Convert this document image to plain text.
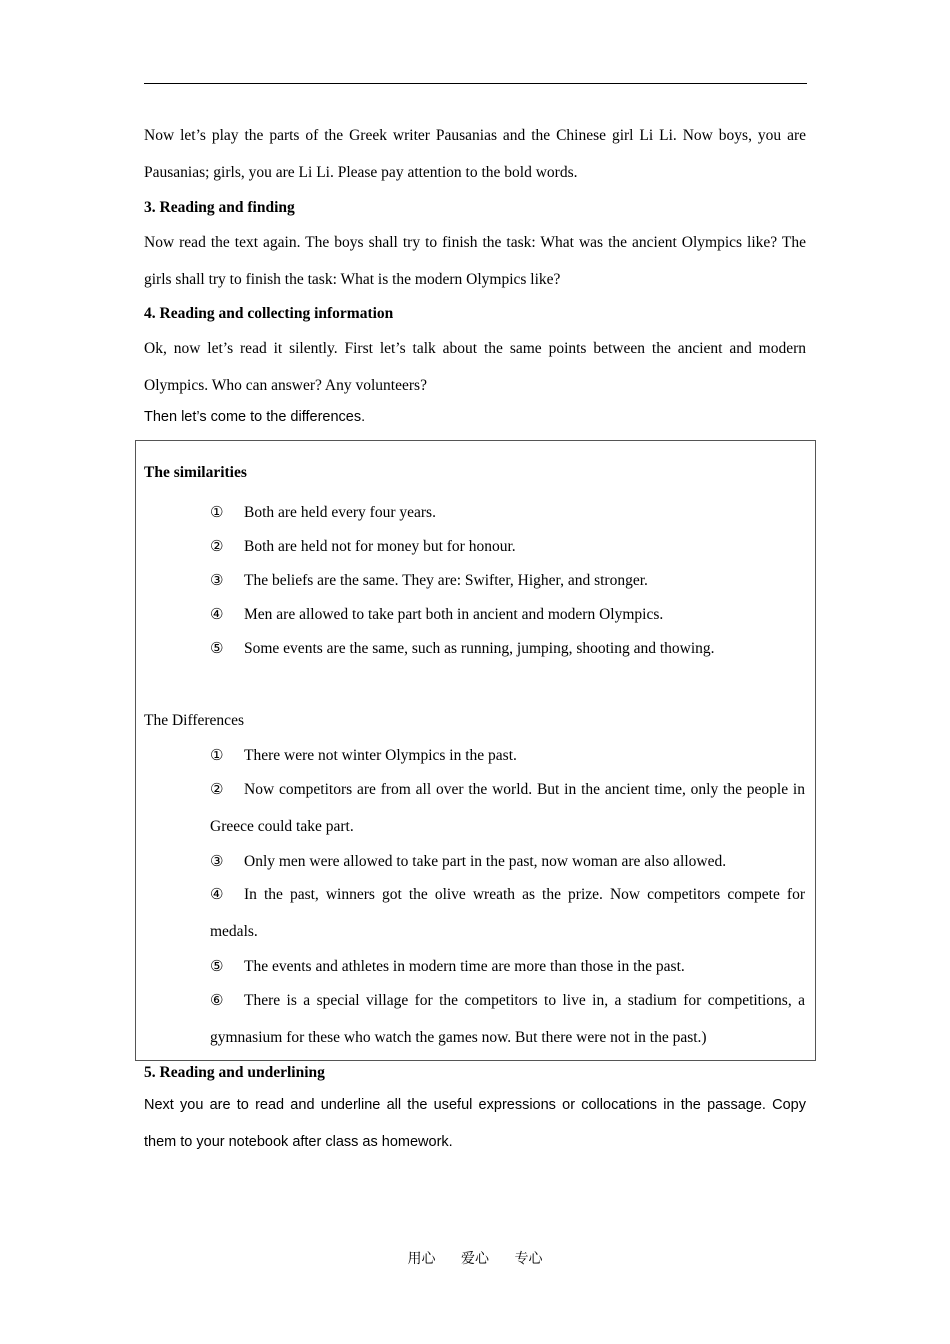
Now let’s play the parts of the Greek writer Pausanias and the Chinese girl Li Li. Now boys, you are Pausanias; girls, you are Li Li. Please pay attention to the bold words.

3. Reading and finding

Now read the text again. The boys shall try to finish the task: What was the ancient Olympics like? The girls shall try to finish the task: What is the modern Olympics like?

4. Reading and collecting information

Ok, now let’s read it silently. First let’s talk about the same points between the ancient and modern Olympics. Who can answer? Any volunteers?

Then let’s come to the differences.

The similarities

① Both are held every four years.

② Both are held not for money but for honour.

③ The beliefs are the same. They are: Swifter, Higher, and stronger.

④ Men are allowed to take part both in ancient and modern Olympics.

⑤ Some events are the same, such as running, jumping, shooting and thowing.

The Differences

① There were not winter Olympics in the past.

② Now competitors are from all over the world. But in the ancient time, only the people in Greece could take part.

③ Only men were allowed to take part in the past, now woman are also allowed.

④ In the past, winners got the olive wreath as the prize. Now competitors compete for medals.

⑤ The events and athletes in modern time are more than those in the past.

⑥ There is a special village for the competitors to live in, a stadium for competitions, a gymnasium for these who watch the games now. But there were not in the past.)

5. Reading and underlining

Next you are to read and underline all the useful expressions or collocations in the passage. Copy them to your notebook after class as homework.

用心 爱心 专心
